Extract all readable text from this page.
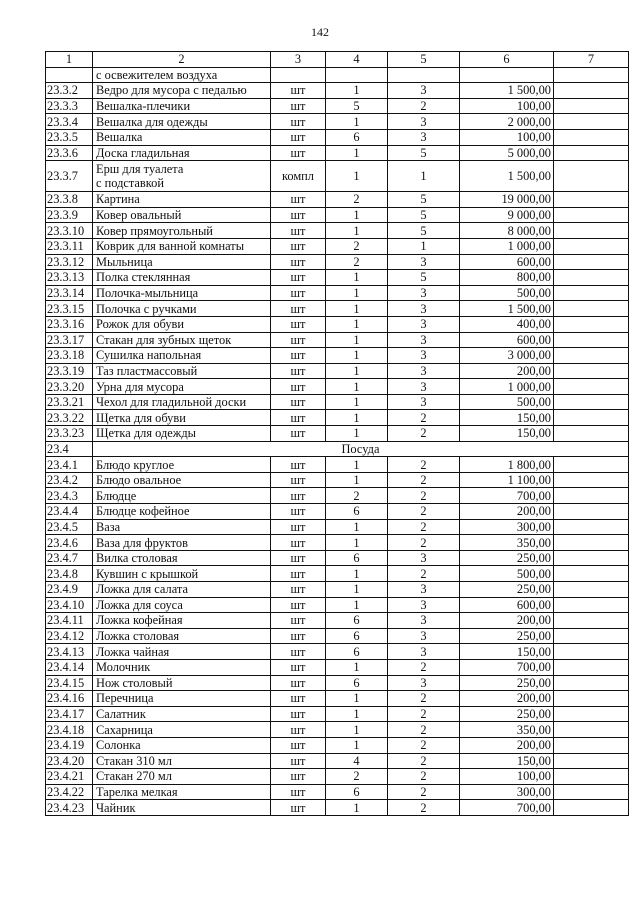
142
1	2	3	4	5	6	7
	с освежителем воздуха					
23.3.2	Ведро для мусора с педалью	шт	1	3	1 500,00	
23.3.3	Вешалка-плечики	шт	5	2	100,00	
23.3.4	Вешалка для одежды	шт	1	3	2 000,00	
23.3.5	Вешалка	шт	6	3	100,00	
23.3.6	Доска гладильная	шт	1	5	5 000,00	
23.3.7	Ерш для туалета
с подставкой	компл	1	1	1 500,00	
23.3.8	Картина	шт	2	5	19 000,00	
23.3.9	Ковер овальный	шт	1	5	9 000,00	
23.3.10	Ковер прямоугольный	шт	1	5	8 000,00	
23.3.11	Коврик для ванной комнаты	шт	2	1	1 000,00	
23.3.12	Мыльница	шт	2	3	600,00	
23.3.13	Полка стеклянная	шт	1	5	800,00	
23.3.14	Полочка-мыльница	шт	1	3	500,00	
23.3.15	Полочка с ручками	шт	1	3	1 500,00	
23.3.16	Рожок для обуви	шт	1	3	400,00	
23.3.17	Стакан для зубных щеток	шт	1	3	600,00	
23.3.18	Сушилка напольная	шт	1	3	3 000,00	
23.3.19	Таз пластмассовый	шт	1	3	200,00	
23.3.20	Урна для мусора	шт	1	3	1 000,00	
23.3.21	Чехол для гладильной доски	шт	1	3	500,00	
23.3.22	Щетка для обуви	шт	1	2	150,00	
23.3.23	Щетка для одежды	шт	1	2	150,00	
23.4	Посуда					
23.4.1	Блюдо круглое	шт	1	2	1 800,00	
23.4.2	Блюдо овальное	шт	1	2	1 100,00	
23.4.3	Блюдце	шт	2	2	700,00	
23.4.4	Блюдце кофейное	шт	6	2	200,00	
23.4.5	Ваза	шт	1	2	300,00	
23.4.6	Ваза для фруктов	шт	1	2	350,00	
23.4.7	Вилка столовая	шт	6	3	250,00	
23.4.8	Кувшин с крышкой	шт	1	2	500,00	
23.4.9	Ложка для салата	шт	1	3	250,00	
23.4.10	Ложка для соуса	шт	1	3	600,00	
23.4.11	Ложка кофейная	шт	6	3	200,00	
23.4.12	Ложка столовая	шт	6	3	250,00	
23.4.13	Ложка чайная	шт	6	3	150,00	
23.4.14	Молочник	шт	1	2	700,00	
23.4.15	Нож столовый	шт	6	3	250,00	
23.4.16	Перечница	шт	1	2	200,00	
23.4.17	Салатник	шт	1	2	250,00	
23.4.18	Сахарница	шт	1	2	350,00	
23.4.19	Солонка	шт	1	2	200,00	
23.4.20	Стакан 310 мл	шт	4	2	150,00	
23.4.21	Стакан 270 мл	шт	2	2	100,00	
23.4.22	Тарелка мелкая	шт	6	2	300,00	
23.4.23	Чайник	шт	1	2	700,00	
